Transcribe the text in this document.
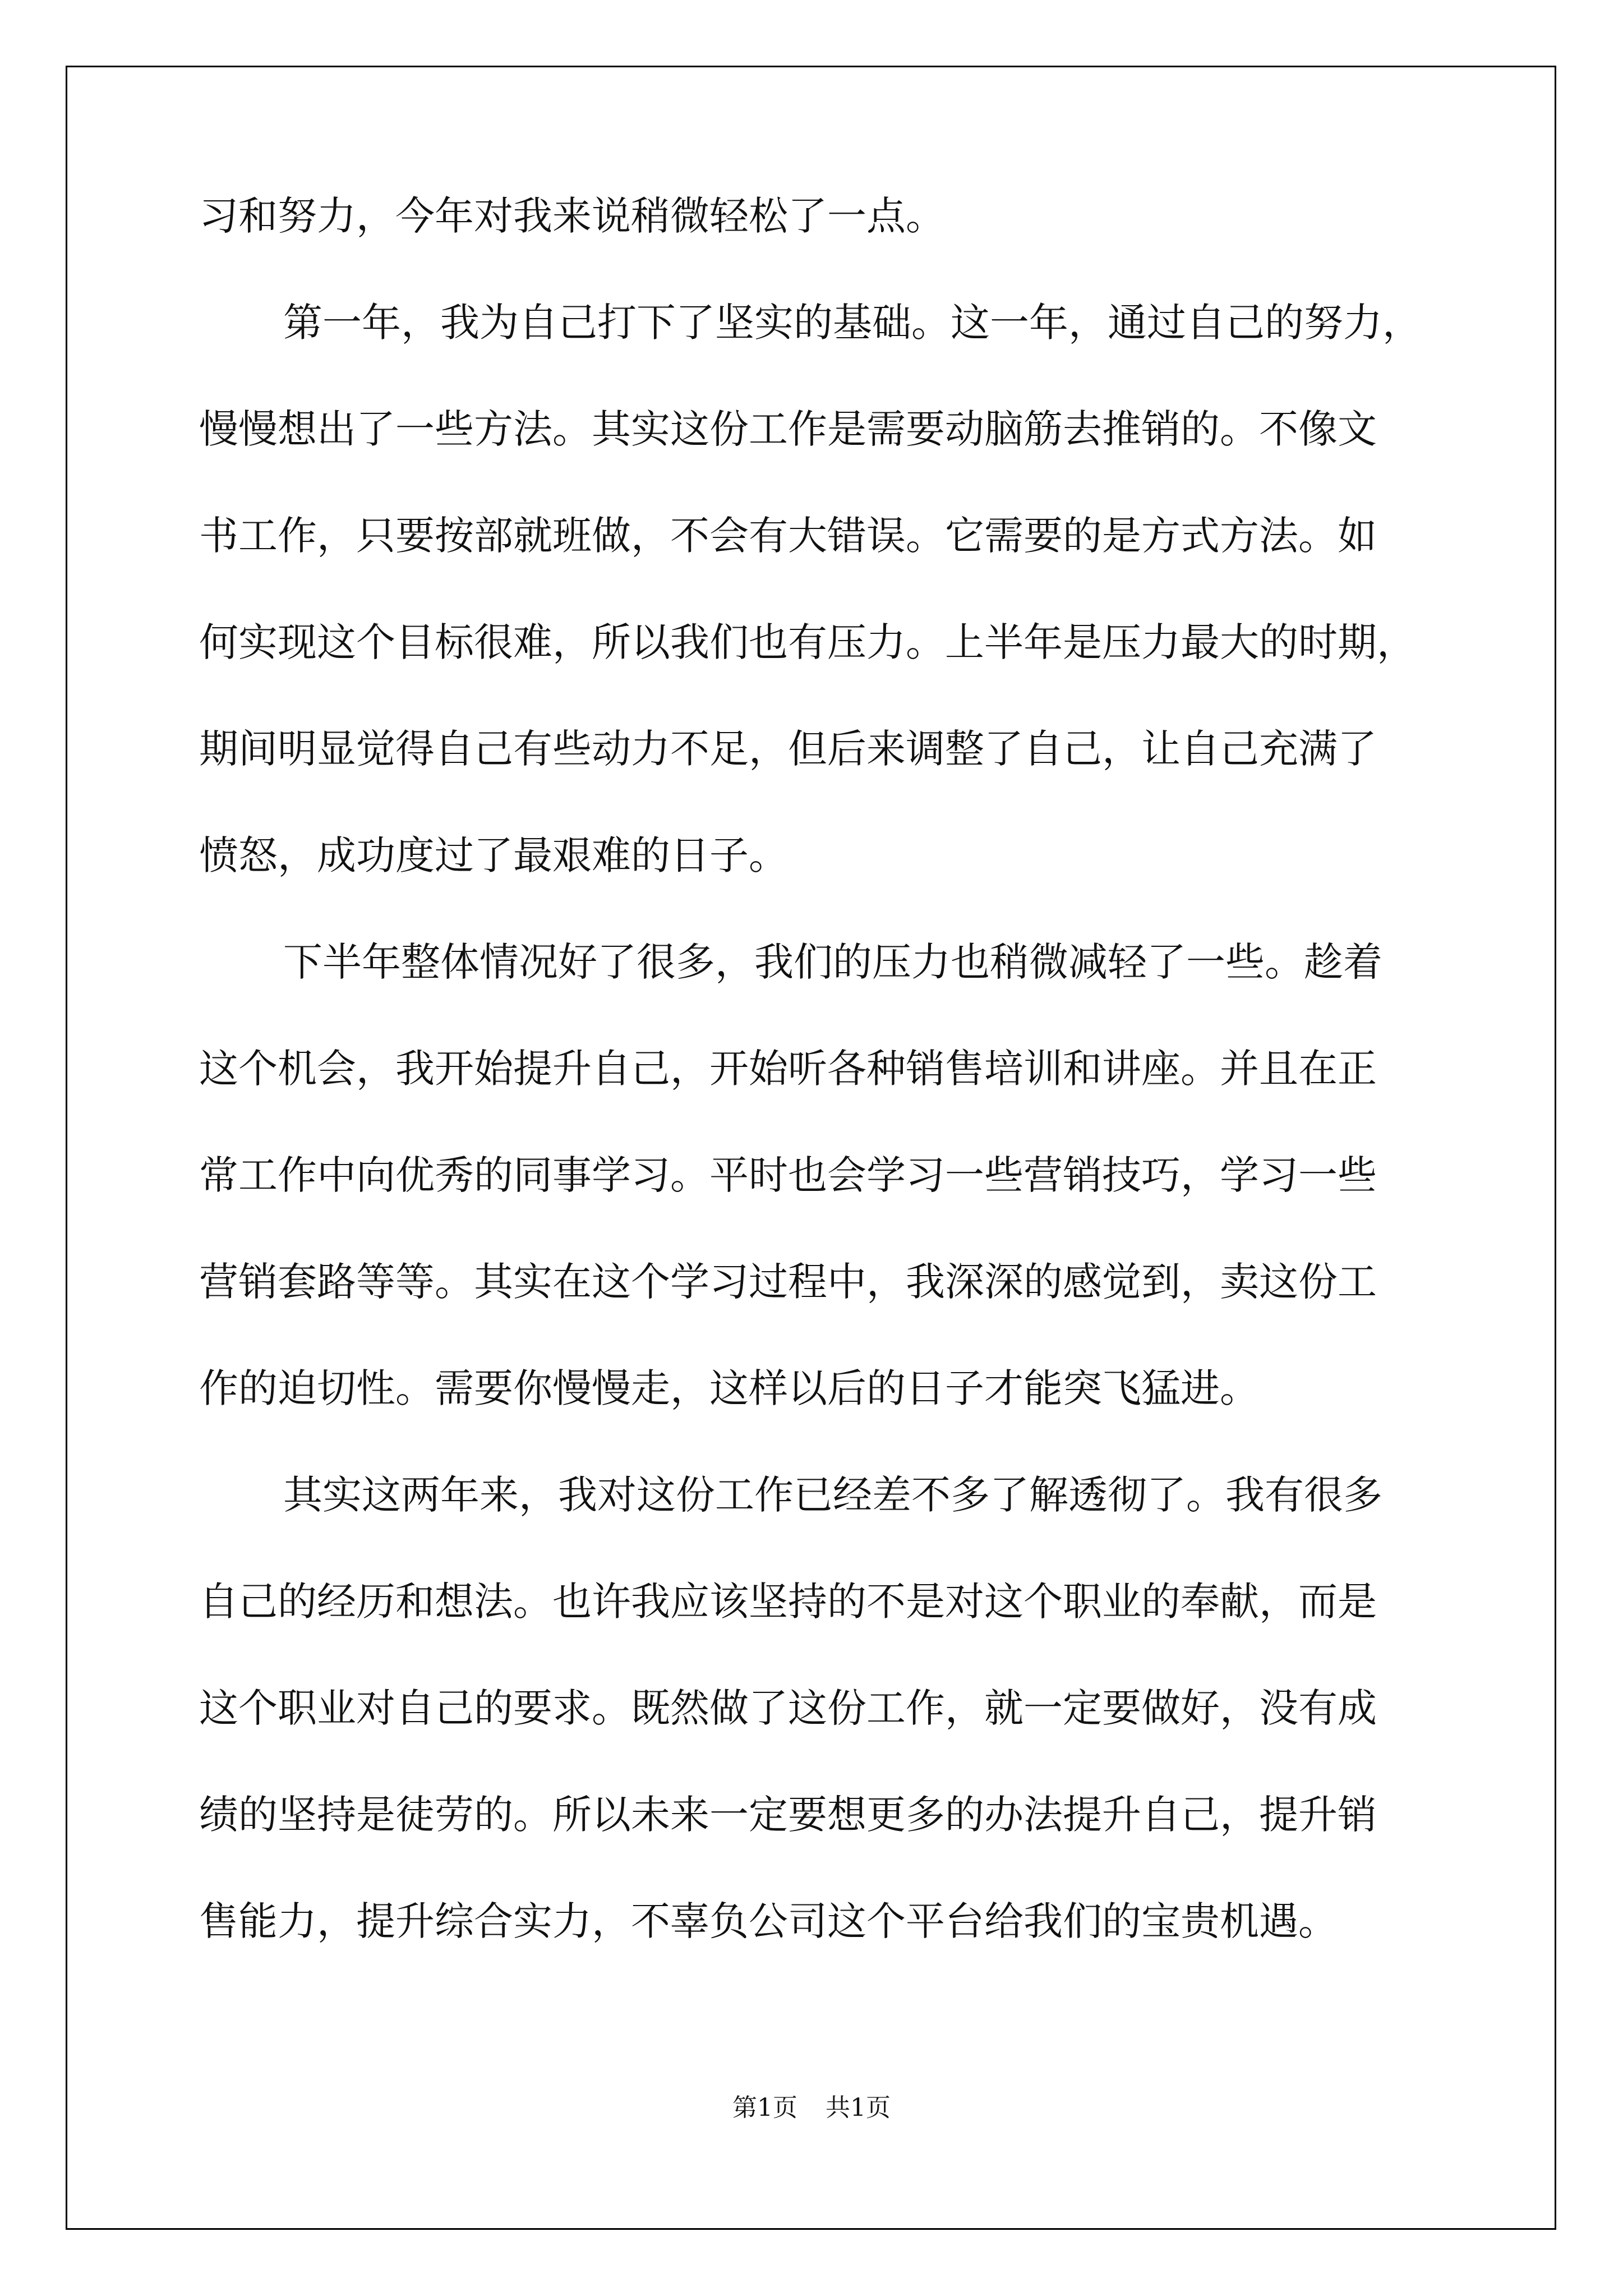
习和努力，今年对我来说稍微轻松了一点。
第一年，我为自己打下了坚实的基础。这一年，通过自己的努力，
慢慢想出了一些方法。其实这份工作是需要动脑筋去推销的。不像文
书工作，只要按部就班做，不会有大错误。它需要的是方式方法。如
何实现这个目标很难，所以我们也有压力。上半年是压力最大的时期，
期间明显觉得自己有些动力不足，但后来调整了自己，让自己充满了
愤怒，成功度过了最艰难的日子。
下半年整体情况好了很多，我们的压力也稍微减轻了一些。趁着
这个机会，我开始提升自己，开始听各种销售培训和讲座。并且在正
常工作中向优秀的同事学习。平时也会学习一些营销技巧，学习一些
营销套路等等。其实在这个学习过程中，我深深的感觉到，卖这份工
作的迫切性。需要你慢慢走，这样以后的日子才能突飞猛进。
其实这两年来，我对这份工作已经差不多了解透彻了。我有很多
自己的经历和想法。也许我应该坚持的不是对这个职业的奉献，而是
这个职业对自己的要求。既然做了这份工作，就一定要做好，没有成
绩的坚持是徒劳的。所以未来一定要想更多的办法提升自己，提升销
售能力，提升综合实力，不辜负公司这个平台给我们的宝贵机遇。
第1页 共1页
